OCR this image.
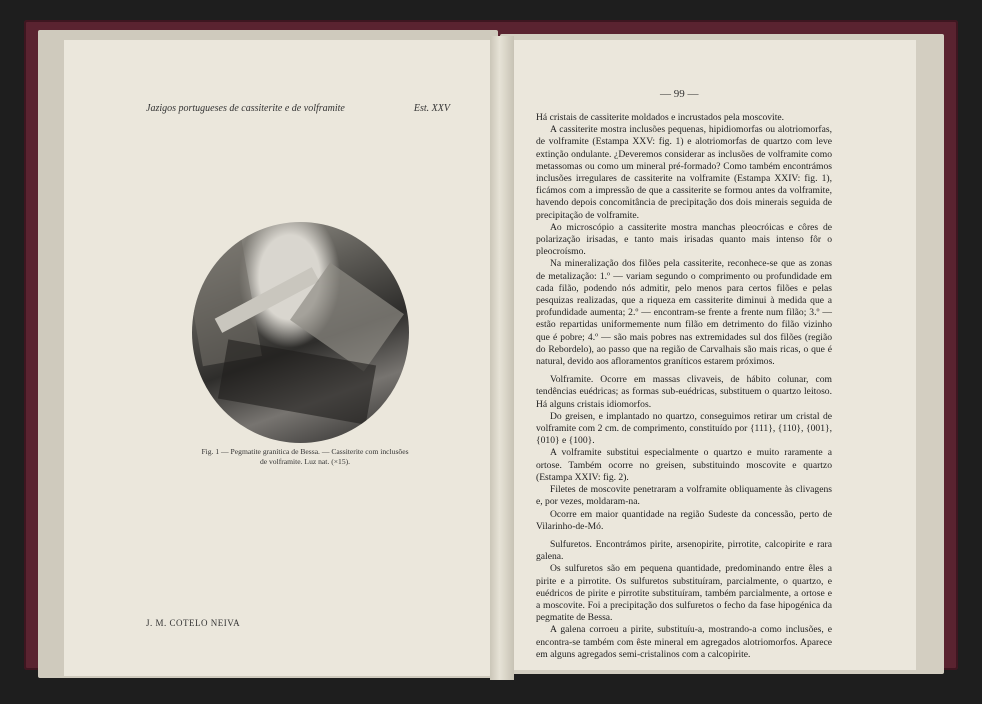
Jazigos portugueses de cassiterite e de volframite	Est. XXV
Fig. 1 — Pegmatite granítica de Bessa. — Cassiterite com inclusões
de volframite. Luz nat. (×15).
J. M. COTELO NEIVA
— 99 —

Há cristais de cassiterite moldados e incrustados pela moscovite.

A cassiterite mostra inclusões pequenas, hipidiomorfas ou alotriomorfas, de volframite (Estampa XXV: fig. 1) e alotriomorfas de quartzo com leve extinção ondulante. ¿Deveremos considerar as inclusões de volframite como metassomas ou como um mineral pré-formado? Como também encontrámos inclusões irregulares de cassiterite na volframite (Estampa XXIV: fig. 1), ficámos com a impressão de que a cassiterite se formou antes da volframite, havendo depois concomitância de precipitação dos dois minerais seguida de precipitação de volframite.

Ao microscópio a cassiterite mostra manchas pleocróicas e côres de polarização irisadas, e tanto mais irisadas quanto mais intenso fôr o pleocroísmo.

Na mineralização dos filões pela cassiterite, reconhece-se que as zonas de metalização: 1.º — variam segundo o comprimento ou profundidade em cada filão, podendo nós admitir, pelo menos para certos filões e pelas pesquizas realizadas, que a riqueza em cassiterite diminui à medida que a profundidade aumenta; 2.º — encontram-se frente a frente num filão; 3.º — estão repartidas uniformemente num filão em detrimento do filão vizinho que é pobre; 4.º — são mais pobres nas extremidades sul dos filões (região do Rebordelo), ao passo que na região de Carvalhais são mais ricas, o que é natural, devido aos afloramentos graníticos estarem próximos.

Volframite. Ocorre em massas clivaveis, de hábito colunar, com tendências euédricas; as formas sub-euédricas, substituem o quartzo leitoso. Há alguns cristais idiomorfos.

Do greisen, e implantado no quartzo, conseguimos retirar um cristal de volframite com 2 cm. de comprimento, constituído por {111}, {110}, {001}, {010} e {100}.

A volframite substitui especialmente o quartzo e muito raramente a ortose. Também ocorre no greisen, substituindo moscovite e quartzo (Estampa XXIV: fig. 2).

Filetes de moscovite penetraram a volframite obliquamente às clivagens e, por vezes, moldaram-na.

Ocorre em maior quantidade na região Sudeste da concessão, perto de Vilarinho-de-Mó.

Sulfuretos. Encontrámos pirite, arsenopirite, pirrotite, calcopirite e rara galena.

Os sulfuretos são em pequena quantidade, predominando entre êles a pirite e a pirrotite. Os sulfuretos substituíram, parcialmente, o quartzo, e euédricos de pirite e pirrotite substituíram, também parcialmente, a ortose e a moscovite. Foi a precipitação dos sulfuretos o fecho da fase hipogénica da pegmatite de Bessa.

A galena corroeu a pirite, substituíu-a, mostrando-a como inclusões, e encontra-se também com êste mineral em agregados alotriomorfos. Aparece em alguns agregados semi-cristalinos com a calcopirite.
